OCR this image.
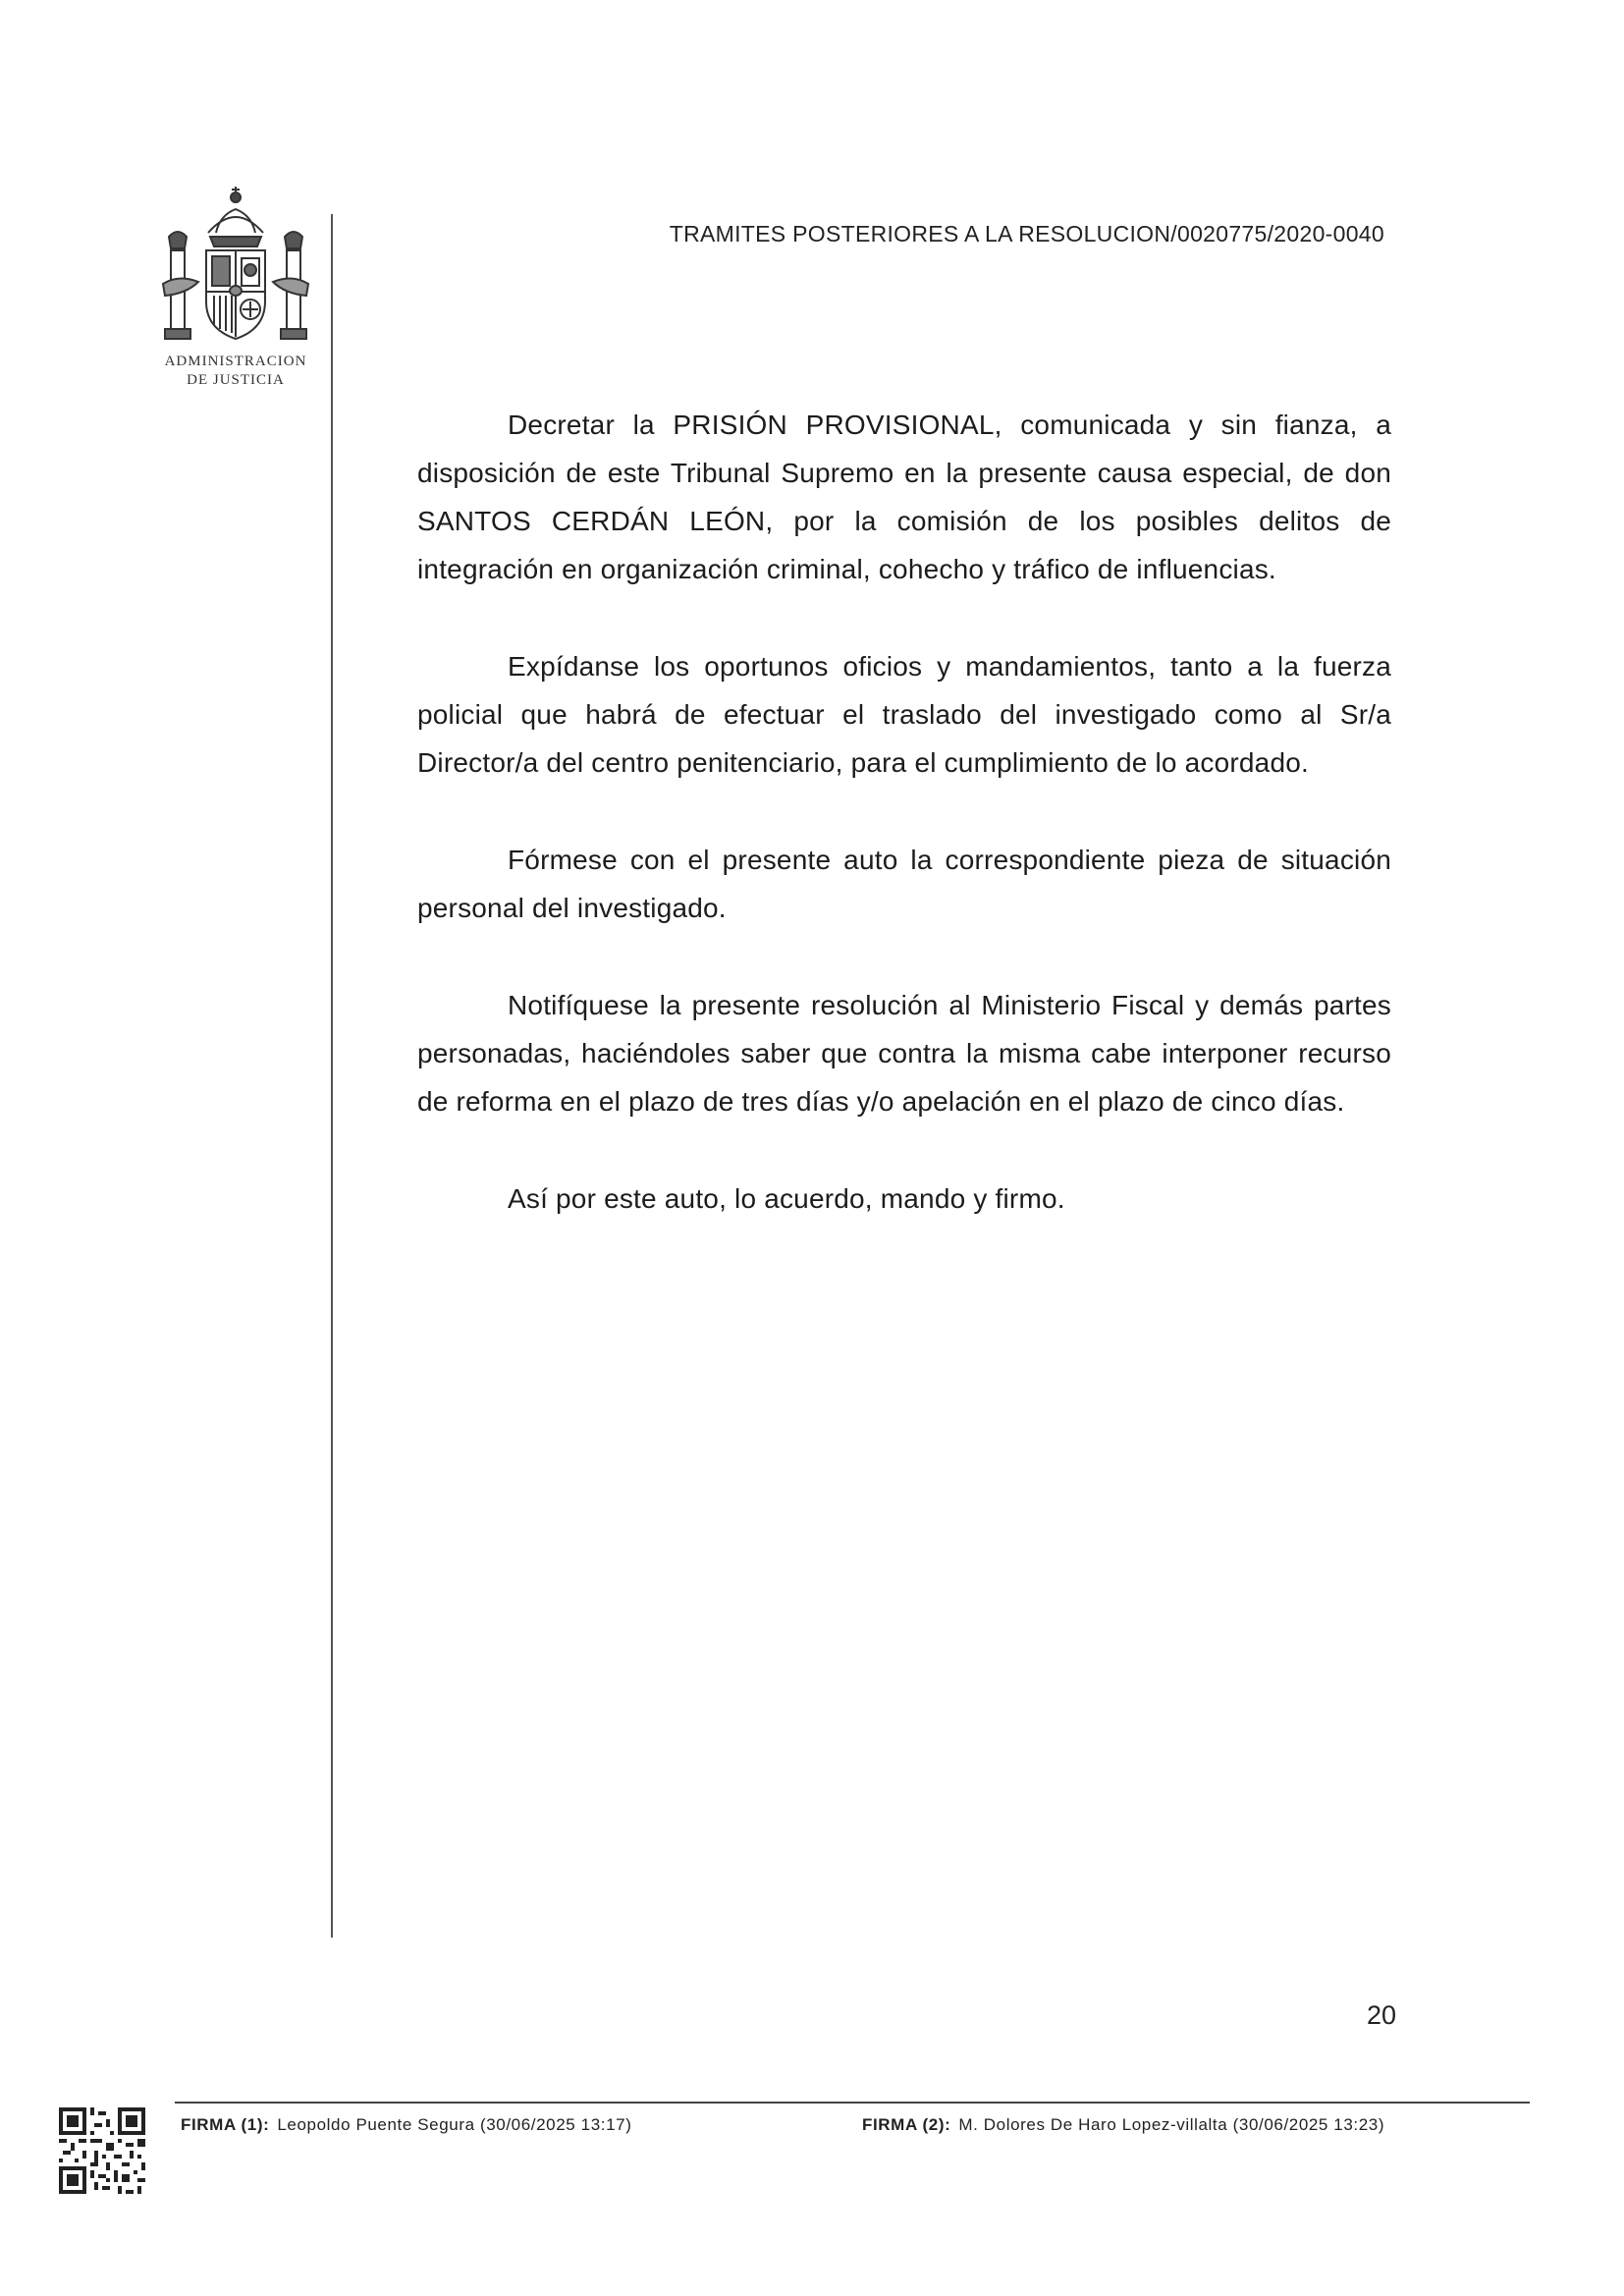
ADMINISTRACION
DE JUSTICIA
TRAMITES POSTERIORES A LA RESOLUCION/0020775/2020-0040

Decretar la PRISIÓN PROVISIONAL, comunicada y sin fianza, a disposición de este Tribunal Supremo en la presente causa especial, de don SANTOS CERDÁN LEÓN, por la comisión de los posibles delitos de integración en organización criminal, cohecho y tráfico de influencias.

Expídanse los oportunos oficios y mandamientos, tanto a la fuerza policial que habrá de efectuar el traslado del investigado como al Sr/a Director/a del centro penitenciario, para el cumplimiento de lo acordado.

Fórmese con el presente auto la correspondiente pieza de situación personal del investigado.

Notifíquese la presente resolución al Ministerio Fiscal y demás partes personadas, haciéndoles saber que contra la misma cabe interponer recurso de reforma en el plazo de tres días y/o apelación en el plazo de cinco días.

Así por este auto, lo acuerdo, mando y firmo.

20
FIRMA (1): Leopoldo Puente Segura (30/06/2025 13:17)	FIRMA (2): M. Dolores De Haro Lopez-villalta (30/06/2025 13:23)
